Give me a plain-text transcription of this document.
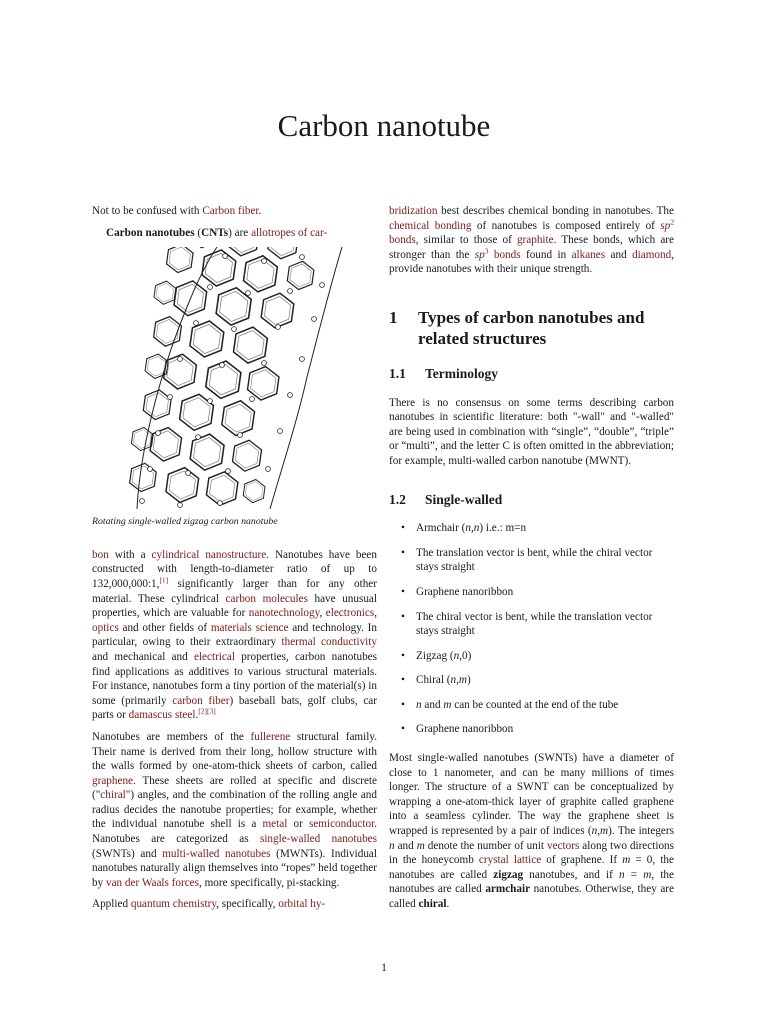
Carbon nanotube

Not to be confused with Carbon fiber.

Carbon nanotubes (CNTs) are allotropes of car-

Rotating single-walled zigzag carbon nanotube

bon with a cylindrical nanostructure. Nanotubes have been constructed with length-to-diameter ratio of up to 132,000,000:1,[1] significantly larger than for any other material. These cylindrical carbon molecules have unusual properties, which are valuable for nanotechnology, electronics, optics and other fields of materials science and technology. In particular, owing to their extraordinary thermal conductivity and mechanical and electrical properties, carbon nanotubes find applications as additives to various structural materials. For instance, nanotubes form a tiny portion of the material(s) in some (primarily carbon fiber) baseball bats, golf clubs, car parts or damascus steel.[2][3]

Nanotubes are members of the fullerene structural family. Their name is derived from their long, hollow structure with the walls formed by one-atom-thick sheets of carbon, called graphene. These sheets are rolled at specific and discrete ("chiral") angles, and the combination of the rolling angle and radius decides the nanotube properties; for example, whether the individual nanotube shell is a metal or semiconductor. Nanotubes are categorized as single-walled nanotubes (SWNTs) and multi-walled nanotubes (MWNTs). Individual nanotubes naturally align themselves into “ropes” held together by van der Waals forces, more specifically, pi-stacking.

Applied quantum chemistry, specifically, orbital hy-

bridization best describes chemical bonding in nanotubes. The chemical bonding of nanotubes is composed entirely of $sp^2$ bonds, similar to those of graphite. These bonds, which are stronger than the $sp^3$ bonds found in alkanes and diamond, provide nanotubes with their unique strength.

1	Types of carbon nanotubes and related structures
1.1	Terminology

There is no consensus on some terms describing carbon nanotubes in scientific literature: both "-wall" and "-walled" are being used in combination with “single”, “double”, “triple” or “multi”, and the letter C is often omitted in the abbreviation; for example, multi-walled carbon nanotube (MWNT).

1.2	Single-walled
• Armchair (n,n) i.e.: m=n
• The translation vector is bent, while the chiral vector stays straight
• Graphene nanoribbon
• The chiral vector is bent, while the translation vector stays straight
• Zigzag (n,0)
• Chiral (n,m)
• n and m can be counted at the end of the tube
• Graphene nanoribbon

Most single-walled nanotubes (SWNTs) have a diameter of close to 1 nanometer, and can be many millions of times longer. The structure of a SWNT can be conceptualized by wrapping a one-atom-thick layer of graphite called graphene into a seamless cylinder. The way the graphene sheet is wrapped is represented by a pair of indices (n,m). The integers n and m denote the number of unit vectors along two directions in the honeycomb crystal lattice of graphene. If m = 0, the nanotubes are called zigzag nanotubes, and if n = m, the nanotubes are called armchair nanotubes. Otherwise, they are called chiral.

1
